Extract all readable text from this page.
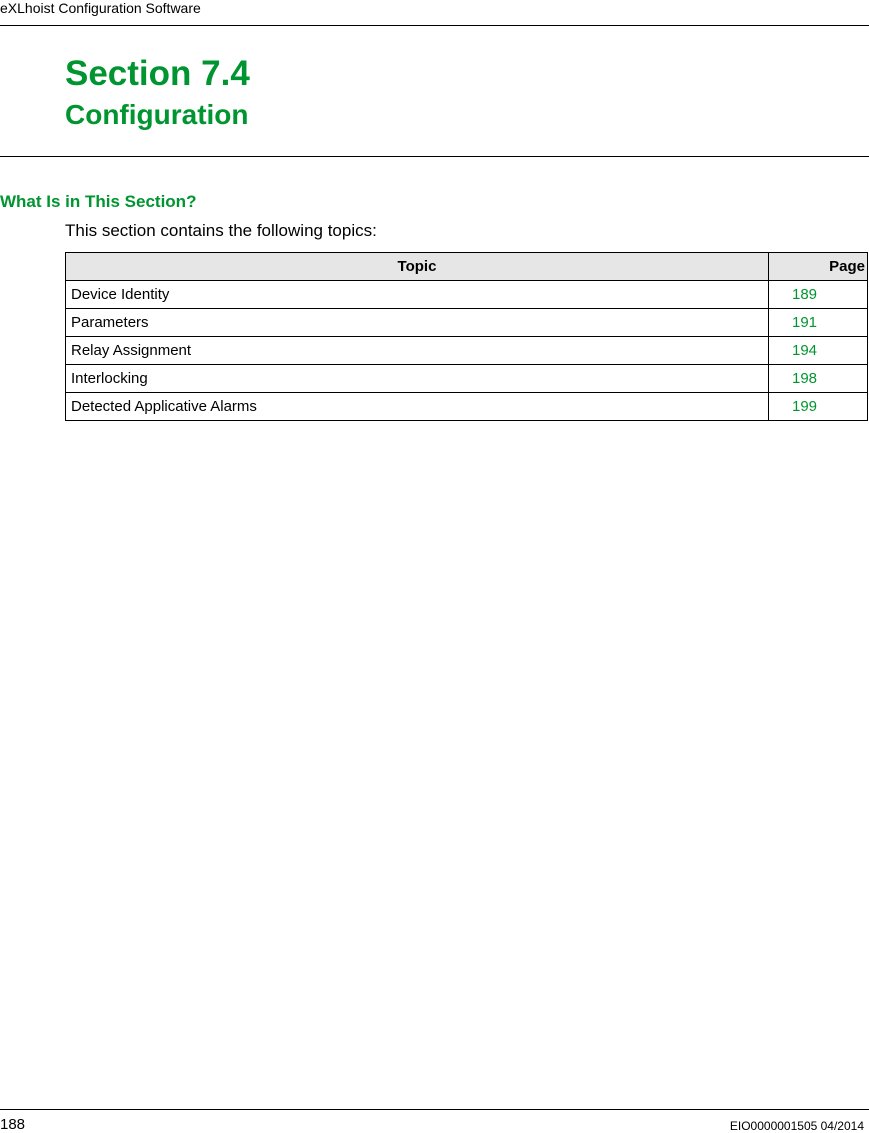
eXLhoist Configuration Software
Section 7.4
Configuration
What Is in This Section?
This section contains the following topics:
Topic	Page
Device Identity	189
Parameters	191
Relay Assignment	194
Interlocking	198
Detected Applicative Alarms	199
188	EIO0000001505 04/2014
